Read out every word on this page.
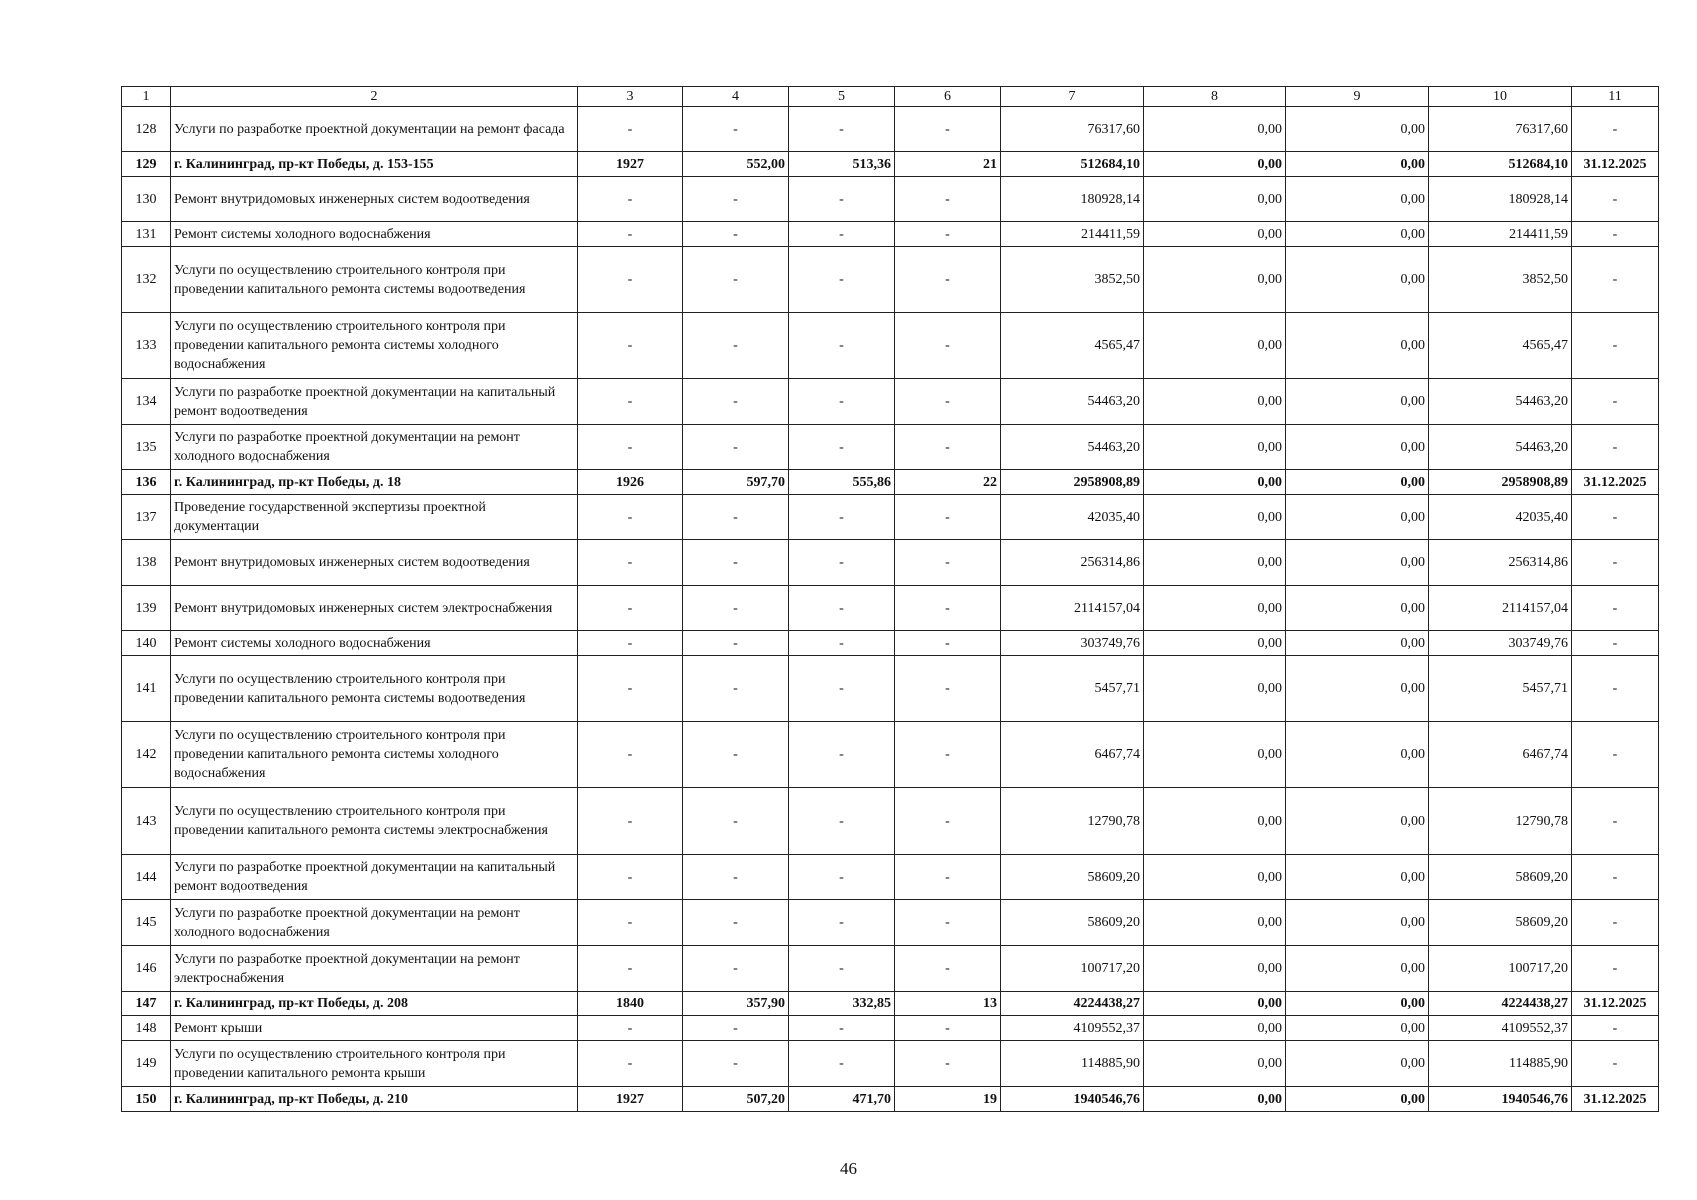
1	2	3	4	5	6	7	8	9	10	11
128	Услуги по разработке проектной документации на ремонт фасада	-	-	-	-	76317,60	0,00	0,00	76317,60	-
129	г. Калининград, пр-кт Победы, д. 153-155	1927	552,00	513,36	21	512684,10	0,00	0,00	512684,10	31.12.2025
130	Ремонт внутридомовых инженерных систем водоотведения	-	-	-	-	180928,14	0,00	0,00	180928,14	-
131	Ремонт системы холодного водоснабжения	-	-	-	-	214411,59	0,00	0,00	214411,59	-
132	Услуги по осуществлению строительного контроля при проведении капитального ремонта системы водоотведения	-	-	-	-	3852,50	0,00	0,00	3852,50	-
133	Услуги по осуществлению строительного контроля при проведении капитального ремонта системы холодного водоснабжения	-	-	-	-	4565,47	0,00	0,00	4565,47	-
134	Услуги по разработке проектной документации на капитальный ремонт водоотведения	-	-	-	-	54463,20	0,00	0,00	54463,20	-
135	Услуги по разработке проектной документации на ремонт холодного водоснабжения	-	-	-	-	54463,20	0,00	0,00	54463,20	-
136	г. Калининград, пр-кт Победы, д. 18	1926	597,70	555,86	22	2958908,89	0,00	0,00	2958908,89	31.12.2025
137	Проведение государственной экспертизы проектной документации	-	-	-	-	42035,40	0,00	0,00	42035,40	-
138	Ремонт внутридомовых инженерных систем водоотведения	-	-	-	-	256314,86	0,00	0,00	256314,86	-
139	Ремонт внутридомовых инженерных систем электроснабжения	-	-	-	-	2114157,04	0,00	0,00	2114157,04	-
140	Ремонт системы холодного водоснабжения	-	-	-	-	303749,76	0,00	0,00	303749,76	-
141	Услуги по осуществлению строительного контроля при проведении капитального ремонта системы водоотведения	-	-	-	-	5457,71	0,00	0,00	5457,71	-
142	Услуги по осуществлению строительного контроля при проведении капитального ремонта системы холодного водоснабжения	-	-	-	-	6467,74	0,00	0,00	6467,74	-
143	Услуги по осуществлению строительного контроля при проведении капитального ремонта системы электроснабжения	-	-	-	-	12790,78	0,00	0,00	12790,78	-
144	Услуги по разработке проектной документации на капитальный ремонт водоотведения	-	-	-	-	58609,20	0,00	0,00	58609,20	-
145	Услуги по разработке проектной документации на ремонт холодного водоснабжения	-	-	-	-	58609,20	0,00	0,00	58609,20	-
146	Услуги по разработке проектной документации на ремонт электроснабжения	-	-	-	-	100717,20	0,00	0,00	100717,20	-
147	г. Калининград, пр-кт Победы, д. 208	1840	357,90	332,85	13	4224438,27	0,00	0,00	4224438,27	31.12.2025
148	Ремонт крыши	-	-	-	-	4109552,37	0,00	0,00	4109552,37	-
149	Услуги по осуществлению строительного контроля при проведении капитального ремонта крыши	-	-	-	-	114885,90	0,00	0,00	114885,90	-
150	г. Калининград, пр-кт Победы, д. 210	1927	507,20	471,70	19	1940546,76	0,00	0,00	1940546,76	31.12.2025
46
